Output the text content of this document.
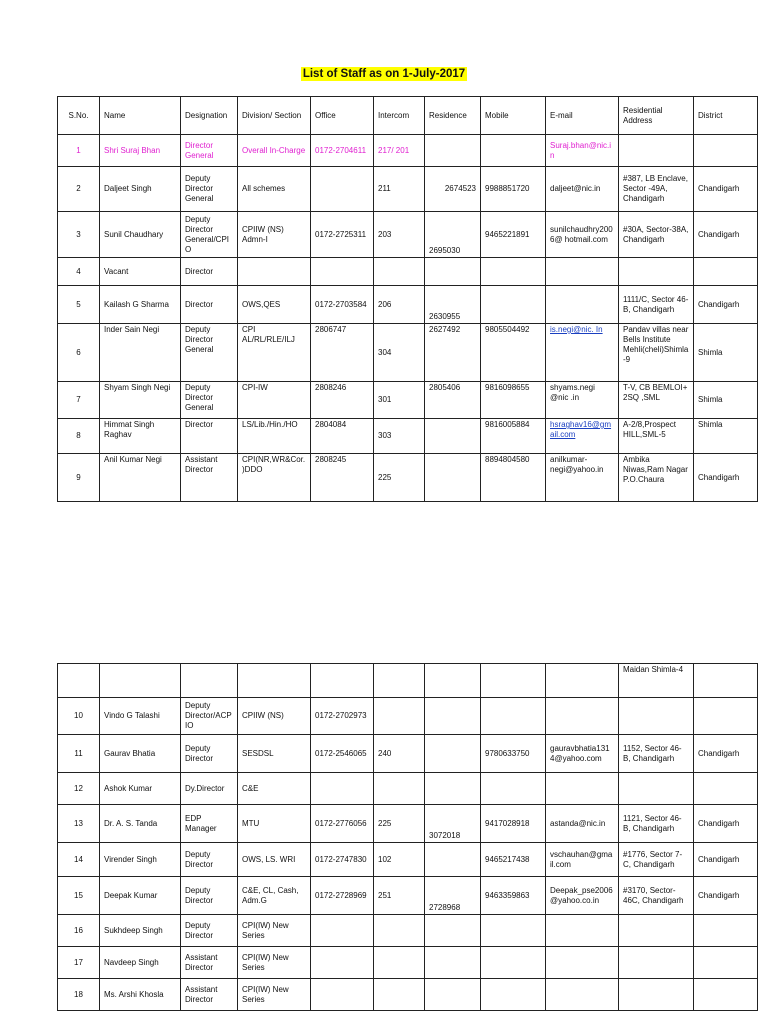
List of Staff as on 1-July-2017
S.No.	Name	Designation	Division/ Section	Office	Intercom	Residence	Mobile	E-mail	Residential Address	District
1	Shri Suraj Bhan	Director General	Overall In-Charge	0172-2704611	217/ 201			Suraj.bhan@nic.in		
2	Daljeet Singh	Deputy Director General	All schemes		211	2674523	9988851720	daljeet@nic.in	#387, LB Enclave, Sector -49A, Chandigarh	Chandigarh
3	Sunil Chaudhary	Deputy Director General/CPIO	CPIIW (NS) Admn-I	0172-2725311	203	2695030	9465221891	sunilchaudhry2006@ hotmail.com	#30A, Sector-38A, Chandigarh	Chandigarh
4	Vacant	Director								
5	Kailash G Sharma	Director	OWS,QES	0172-2703584	206	2630955			1111/C, Sector 46-B, Chandigarh	Chandigarh
6	Inder Sain Negi	Deputy Director General	CPI AL/RL/RLE/ILJ	2806747	304	2627492	9805504492	is.negi@nic. In	Pandav villas near Bells Institute Mehli(cheli)Shimla-9	Shimla
7	Shyam Singh Negi	Deputy Director General	CPI-IW	2808246	301	2805406	9816098655	shyams.negi @nic .in	T-V, CB BEMLOI+ 2SQ ,SML	Shimla
8	Himmat Singh Raghav	Director	LS/Lib./Hin./HO	2804084	303		9816005884	hsraghav16@gmail.com	A-2/8,Prospect HILL,SML-5	Shimla
9	Anil Kumar Negi	Assistant Director	CPI(NR,WR&Cor.)DDO	2808245	225		8894804580	anilkumar-negi@yahoo.in	Ambika Niwas,Ram Nagar P.O.Chaura	Chandigarh
									Maidan Shimla-4	
10	Vindo G Talashi	Deputy Director/ACPIO	CPIIW (NS)	0172-2702973						
11	Gaurav Bhatia	Deputy Director	SESDSL	0172-2546065	240		9780633750	gauravbhatia1314@yahoo.com	1152, Sector 46-B, Chandigarh	Chandigarh
12	Ashok Kumar	Dy.Director	C&E							
13	Dr. A. S. Tanda	EDP Manager	MTU	0172-2776056	225	3072018	9417028918	astanda@nic.in	1121, Sector 46-B, Chandigarh	Chandigarh
14	Virender Singh	Deputy Director	OWS, LS. WRI	0172-2747830	102		9465217438	vschauhan@gmail.com	#1776, Sector 7-C, Chandigarh	Chandigarh
15	Deepak Kumar	Deputy Director	C&E, CL, Cash, Adm.G	0172-2728969	251	2728968	9463359863	Deepak_pse2006@yahoo.co.in	#3170, Sector-46C, Chandigarh	Chandigarh
16	Sukhdeep Singh	Deputy Director	CPI(IW) New Series							
17	Navdeep Singh	Assistant Director	CPI(IW) New Series							
18	Ms. Arshi Khosla	Assistant Director	CPI(IW) New Series							
